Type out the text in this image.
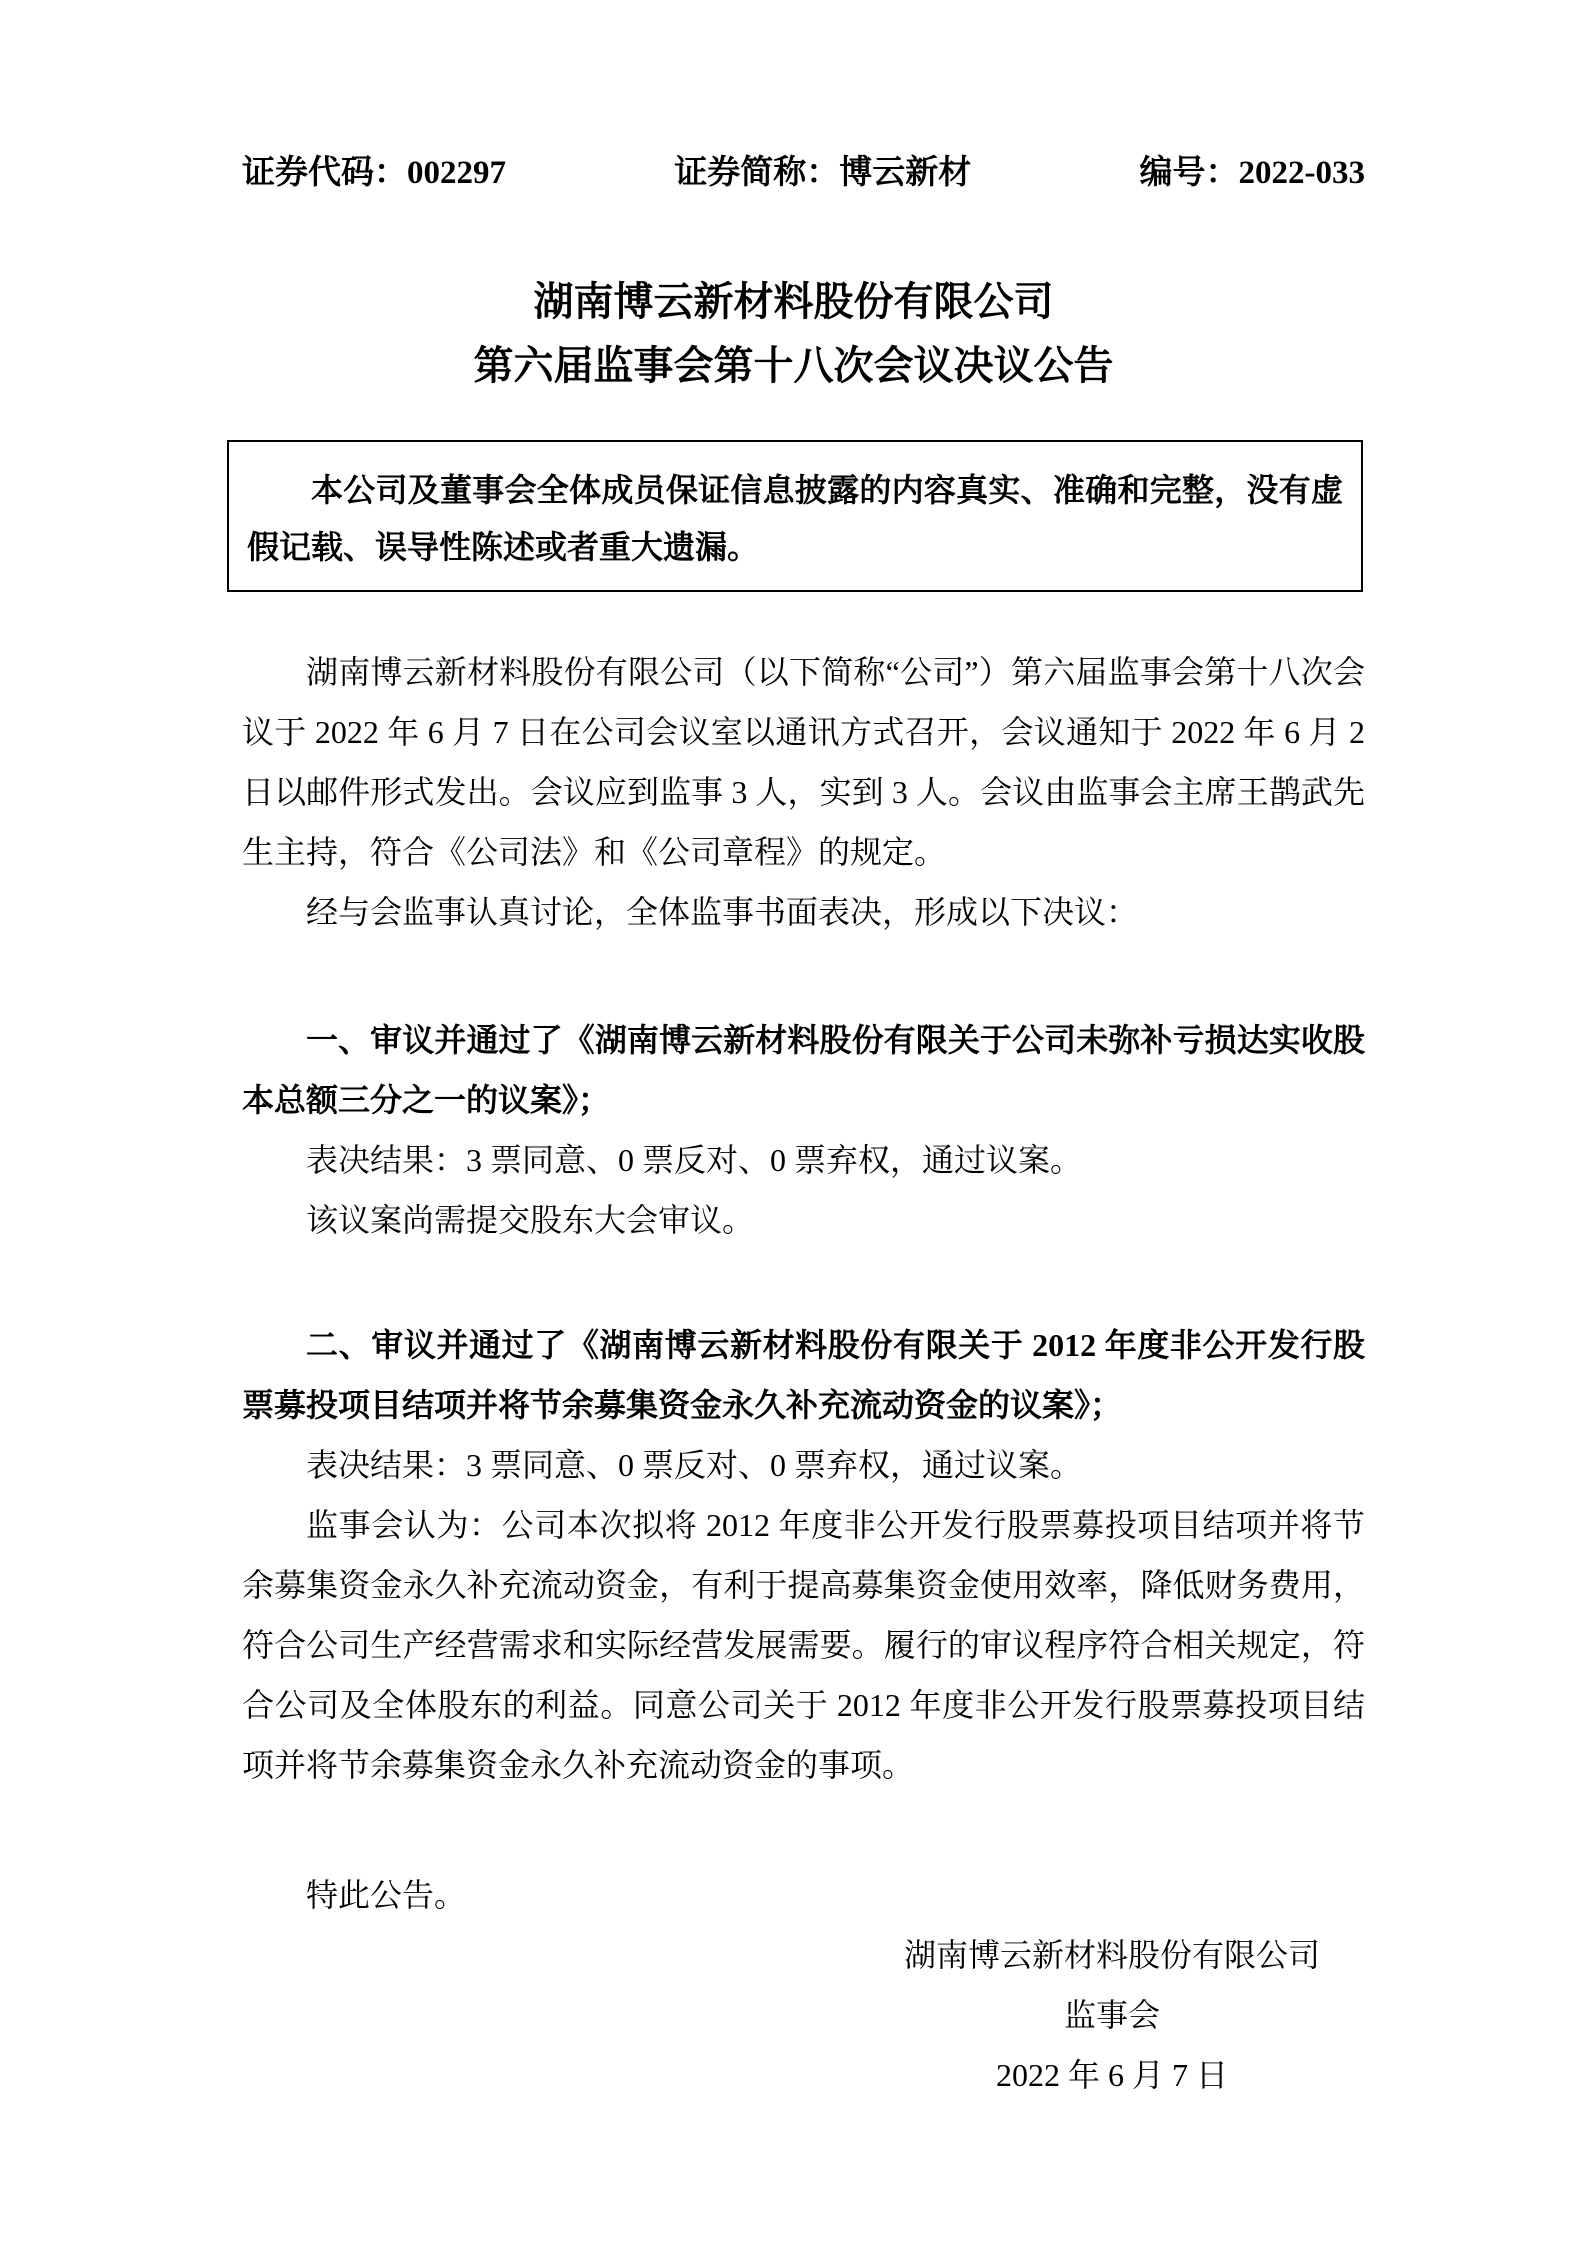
证券代码：002297	证券简称：博云新材	编号：2022-033
湖南博云新材料股份有限公司
第六届监事会第十八次会议决议公告

本公司及董事会全体成员保证信息披露的内容真实、准确和完整，没有虚假记载、误导性陈述或者重大遗漏。

湖南博云新材料股份有限公司（以下简称“公司”）第六届监事会第十八次会议于 2022 年 6 月 7 日在公司会议室以通讯方式召开，会议通知于 2022 年 6 月 2 日以邮件形式发出。会议应到监事 3 人，实到 3 人。会议由监事会主席王鹊武先生主持，符合《公司法》和《公司章程》的规定。

经与会监事认真讨论，全体监事书面表决，形成以下决议：

一、审议并通过了《湖南博云新材料股份有限关于公司未弥补亏损达实收股本总额三分之一的议案》；

表决结果：3 票同意、0 票反对、0 票弃权，通过议案。

该议案尚需提交股东大会审议。

二、审议并通过了《湖南博云新材料股份有限关于 2012 年度非公开发行股票募投项目结项并将节余募集资金永久补充流动资金的议案》；

表决结果：3 票同意、0 票反对、0 票弃权，通过议案。

监事会认为：公司本次拟将 2012 年度非公开发行股票募投项目结项并将节余募集资金永久补充流动资金，有利于提高募集资金使用效率，降低财务费用，符合公司生产经营需求和实际经营发展需要。履行的审议程序符合相关规定，符合公司及全体股东的利益。同意公司关于 2012 年度非公开发行股票募投项目结项并将节余募集资金永久补充流动资金的事项。

特此公告。

湖南博云新材料股份有限公司
监事会
2022 年 6 月 7 日
